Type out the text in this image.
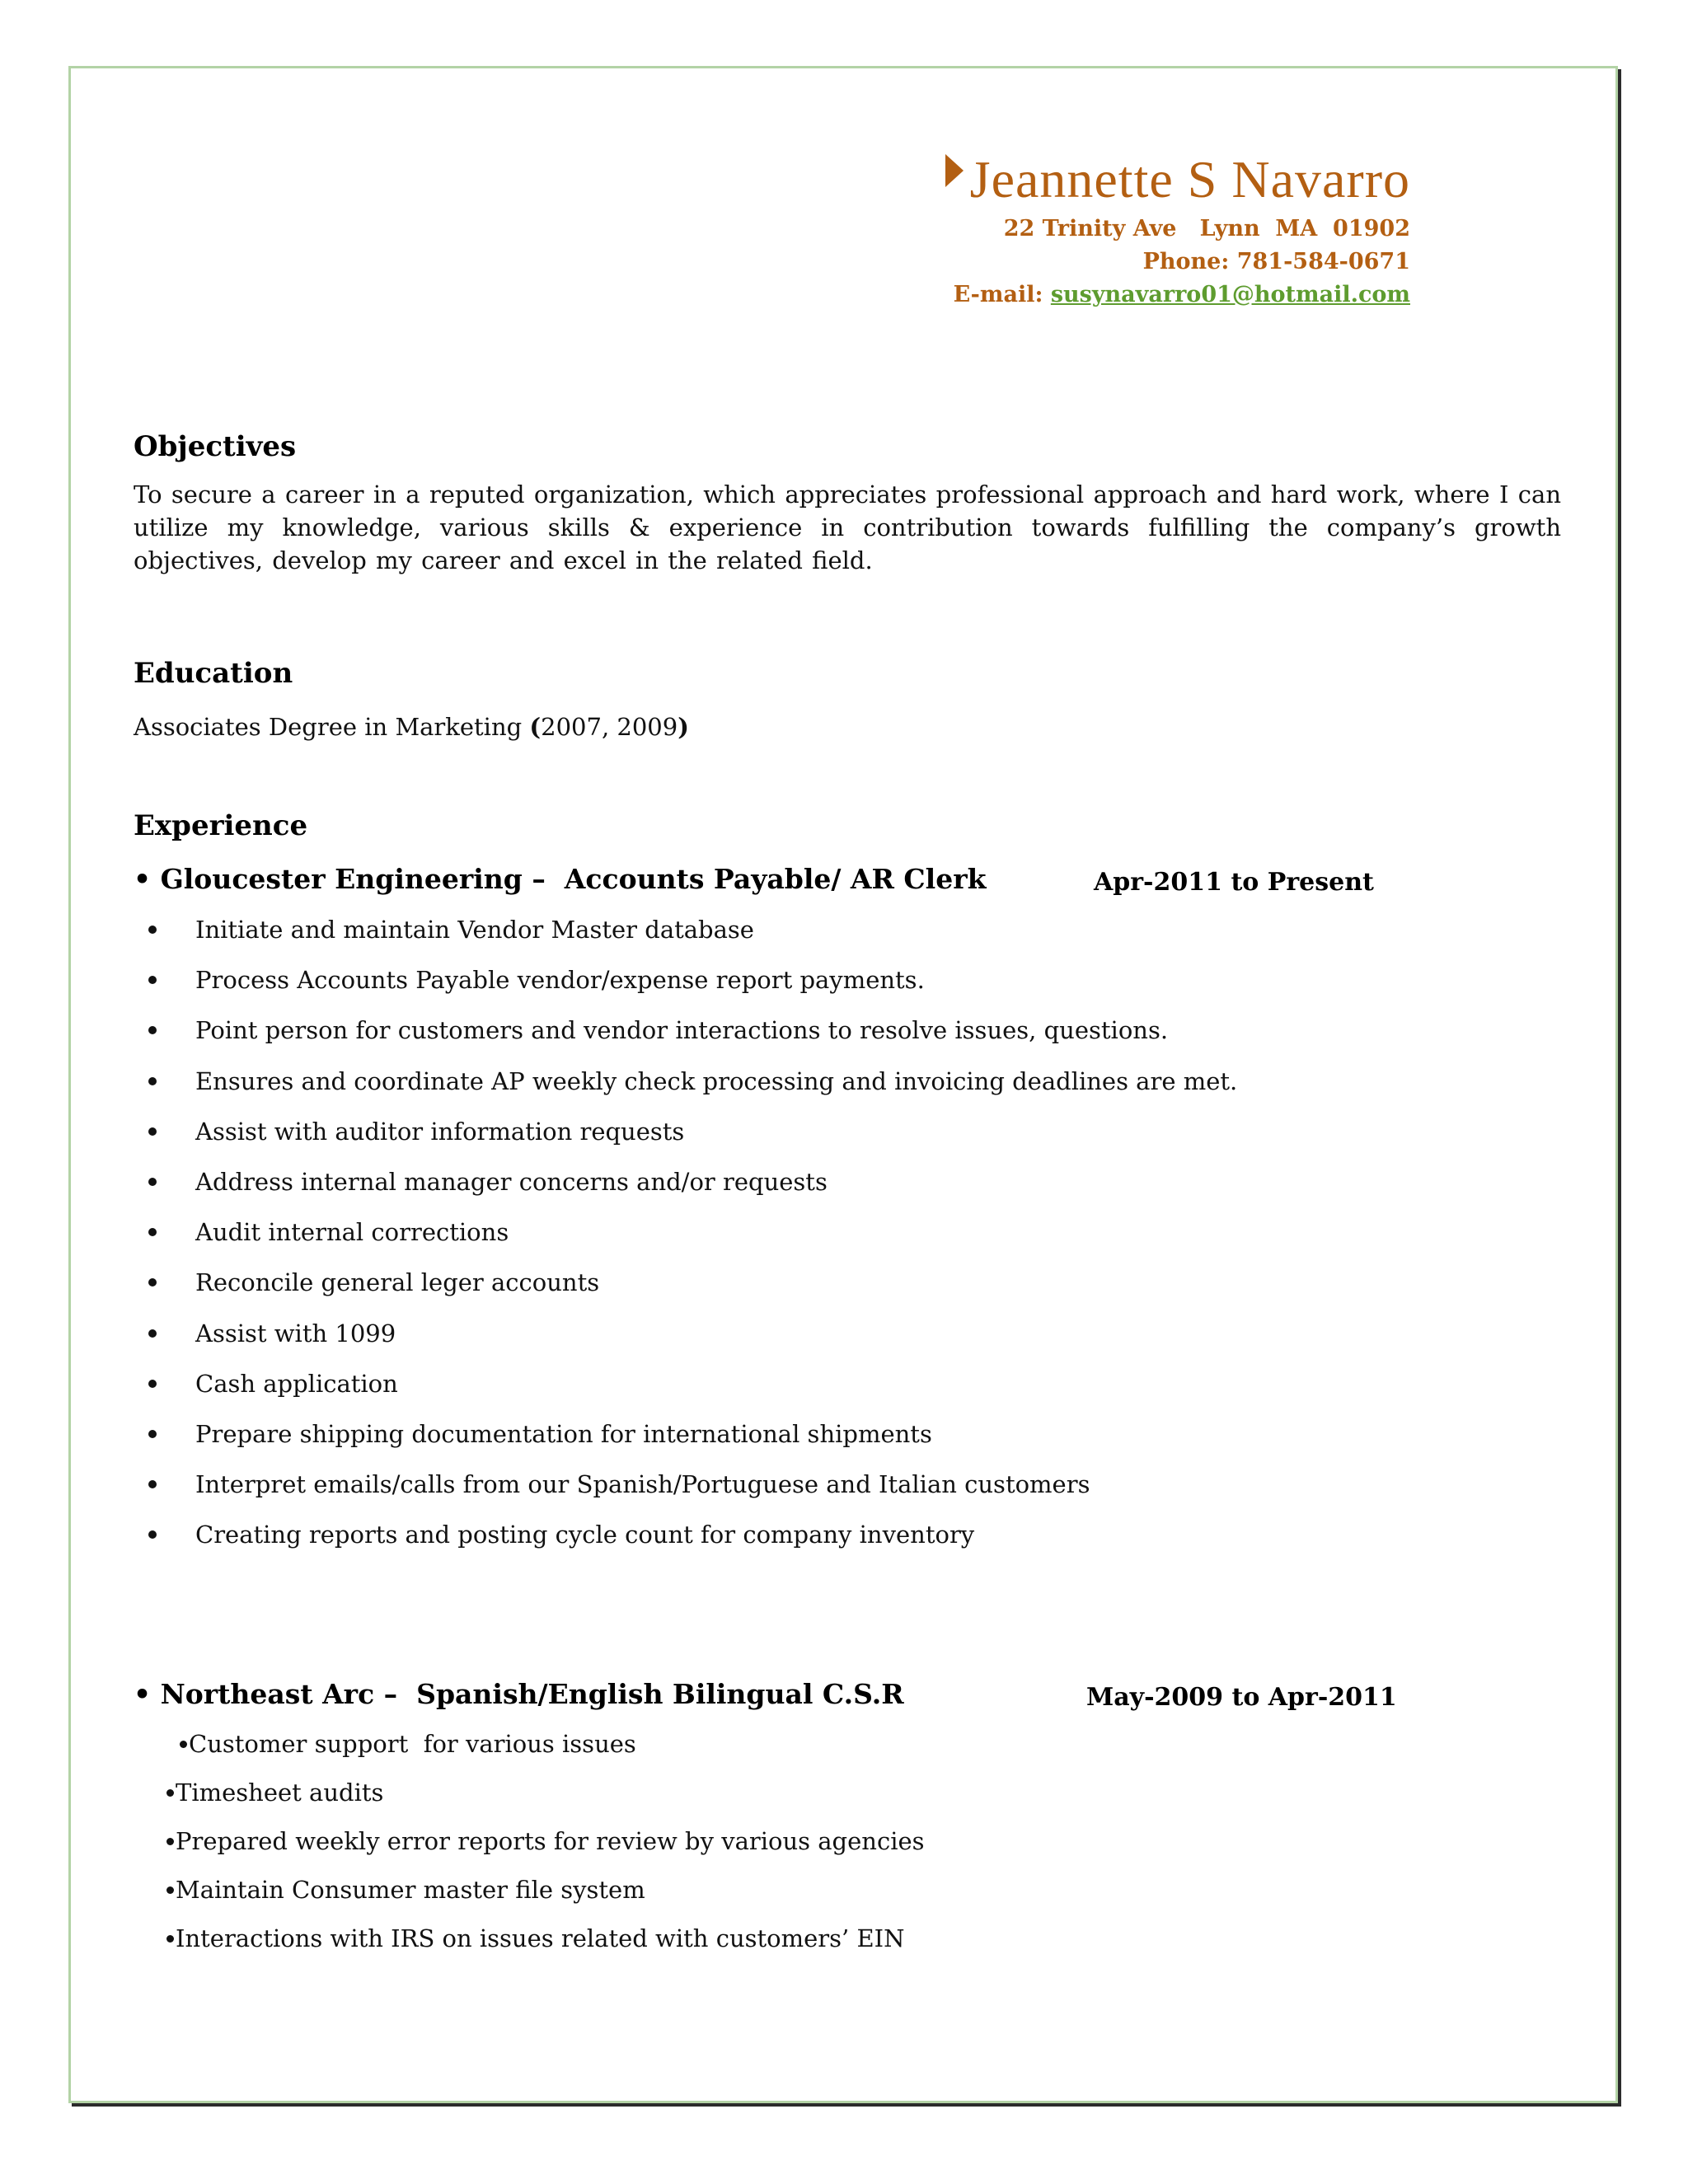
Jeannette S Navarro
22 Trinity Ave   Lynn  MA  01902
Phone: 781-584-0671
E-mail: susynavarro01@hotmail.com
Objectives
To secure a career in a reputed organization, which appreciates professional approach and hard work, where I can utilize my knowledge, various skills & experience in contribution towards fulfilling the company’s growth objectives, develop my career and excel in the related field.
Education
Associates Degree in Marketing (2007, 2009)
Experience
• Gloucester Engineering –  Accounts Payable/ AR Clerk	Apr-2011 to Present
Initiate and maintain Vendor Master database
Process Accounts Payable vendor/expense report payments.
Point person for customers and vendor interactions to resolve issues, questions.
Ensures and coordinate AP weekly check processing and invoicing deadlines are met.
Assist with auditor information requests
Address internal manager concerns and/or requests
Audit internal corrections
Reconcile general leger accounts
Assist with 1099
Cash application
Prepare shipping documentation for international shipments
Interpret emails/calls from our Spanish/Portuguese and Italian customers
Creating reports and posting cycle count for company inventory
• Northeast Arc –  Spanish/English Bilingual C.S.R	May-2009 to Apr-2011
Customer support  for various issues
Timesheet audits
Prepared weekly error reports for review by various agencies
Maintain Consumer master file system
Interactions with IRS on issues related with customers’ EIN
